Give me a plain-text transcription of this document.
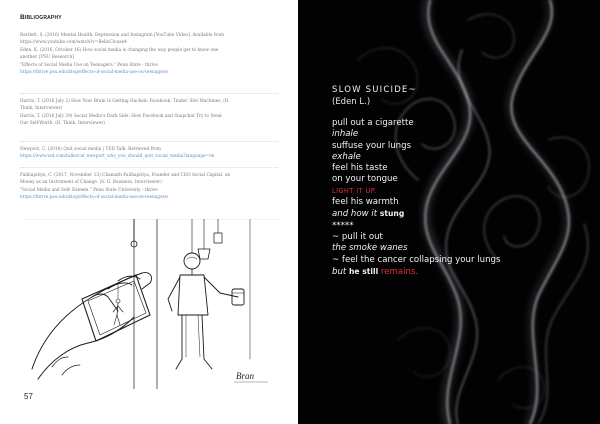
Bibliography
Bartlett, S. (2016) Mental Health, Depression and Instagram [YouTube Video]. Available from
https://www.youtube.com/watch?v=BelloClouse4
Eden, K. (2016, October 16) How social media is changing the way people get to know one
another. [PSU Research]
"Effects of Social Media Use on Teenagers." Penn State - thrive
https://thrive.psu.edu/blog/effects-of-social-media-use-on-teenagers/
Harris, T. (2016 July 2) How Your Brain Is Getting Hacked: Facebook, Tinder, Slot Machines. (R.
Think, Interviewer)
Harris, T. (2016 July 29) Social Media's Dark Side: How Facebook and Snapchat Try to Steal
Our Self-Worth. (R. Think, Interviewer)
Newport, C. (2016) Quit social media | TED Talk. Retrieved from
https://www.ted.com/talks/cal_newport_why_you_should_quit_social_media?language=en
Palihapitiya, C. (2017, November 13) Chamath Palihapitiya, Founder and CEO Social Capital, on
Money as an Instrument of Change. (S. G. Business, Interviewer)
"Social Media and Self- Esteem." Penn State University - thrive
https://thrive.psu.edu/blog/effects-of-social-media-use-on-teenagers/
Bran
57
SLOW SUICIDE~
(Eden L.)
pull out a cigarette
inhale
suffuse your lungs
exhale
feel his taste
on your tongue
LIGHT IT UP.
feel his warmth
and how it stung
*****
~ pull it out
the smoke wanes
~ feel the cancer collapsing your lungs
but he still remains.
